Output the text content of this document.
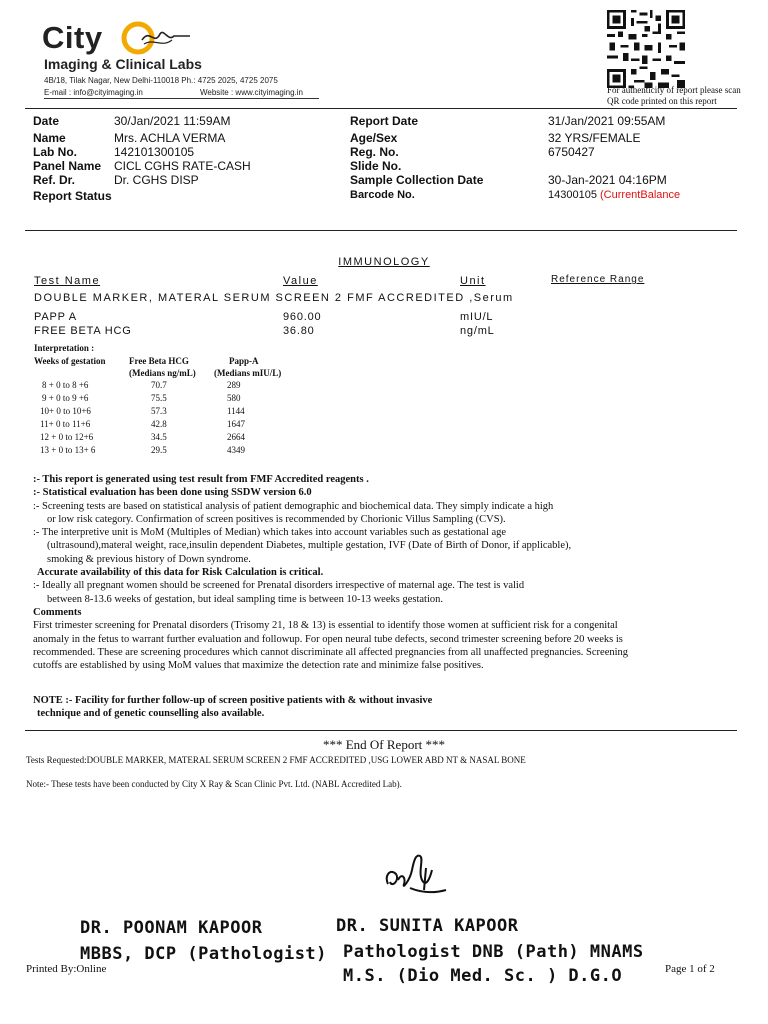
City
Imaging & Clinical Labs
4B/18, Tilak Nagar, New Delhi-110018 Ph.: 4725 2025, 4725 2075
E-mail : info@cityimaging.in	Website : www.cityimaging.in	For authenticity of report please scan
QR code printed on this report
Date	30/Jan/2021 11:59AM
Name	Mrs. ACHLA VERMA
Lab No.	142101300105
Panel Name CICL CGHS RATE-CASH
Ref. Dr.	Dr. CGHS DISP
Report Status
Report Date	31/Jan/2021 09:55AM
Age/Sex	32 YRS/FEMALE
Reg. No.	6750427
Slide No.
Sample Collection Date	30-Jan-2021 04:16PM
Barcode No.	14300105 (CurrentBalance
IMMUNOLOGY
Test Name	Value	Unit	Reference Range
DOUBLE MARKER, MATERAL SERUM SCREEN 2 FMF ACCREDITED ,Serum
PAPP A	960.00	mIU/L
FREE BETA HCG	36.80	ng/mL
Interpretation :
Weeks of gestation	Free Beta HCG
(Medians ng/mL)
Papp-A
(Medians mIU/L)
8 + 0 to 8 +6	70.7	289
9 + 0 to 9 +6	75.5	580
10+ 0 to 10+6	57.3	1144
11+ 0 to 11+6	42.8	1647
12 + 0 to 12+6	34.5	2664
13 + 0 to 13+ 6	29.5	4349

:- This report is generated using test result from FMF Accredited reagents .

:- Statistical evaluation has been done using SSDW version 6.0

:- Screening tests are based on statistical analysis of patient demographic and biochemical data. They simply indicate a high

or low risk category. Confirmation of screen positives is recommended by Chorionic Villus Sampling (CVS).

:- The interpretive unit is MoM (Multiples of Median) which takes into account variables such as gestational age

(ultrasound),materal weight, race,insulin dependent Diabetes, multiple gestation, IVF (Date of Birth of Donor, if applicable),

smoking & previous history of Down syndrome.

Accurate availability of this data for Risk Calculation is critical.

:- Ideally all pregnant women should be screened for Prenatal disorders irrespective of maternal age. The test is valid

between 8-13.6 weeks of gestation, but ideal sampling time is between 10-13 weeks gestation.

Comments

First trimester screening for Prenatal disorders (Trisomy 21, 18 & 13) is essential to identify those women at sufficient risk for a congenital

anomaly in the fetus to warrant further evaluation and followup. For open neural tube defects, second trimester screening before 20 weeks is

recommended. These are screening procedures which cannot discriminate all affected pregnancies from all unaffected pregnancies. Screening

cutoffs are established by using MoM values that maximize the detection rate and minimize false positives.

NOTE :- Facility for further follow-up of screen positive patients with & without invasive

technique and of genetic counselling also available.

*** End Of Report ***
Tests Requested:DOUBLE MARKER, MATERAL SERUM SCREEN 2 FMF ACCREDITED ,USG LOWER ABD NT & NASAL BONE
Note:- These tests have been conducted by City X Ray & Scan Clinic Pvt. Ltd. (NABL Accredited Lab).
DR. POONAM KAPOOR
MBBS, DCP (Pathologist)
DR. SUNITA KAPOOR
Pathologist DNB (Path) MNAMS
M.S. (Dio Med. Sc. ) D.G.O
Printed By:Online	Page 1 of 2
